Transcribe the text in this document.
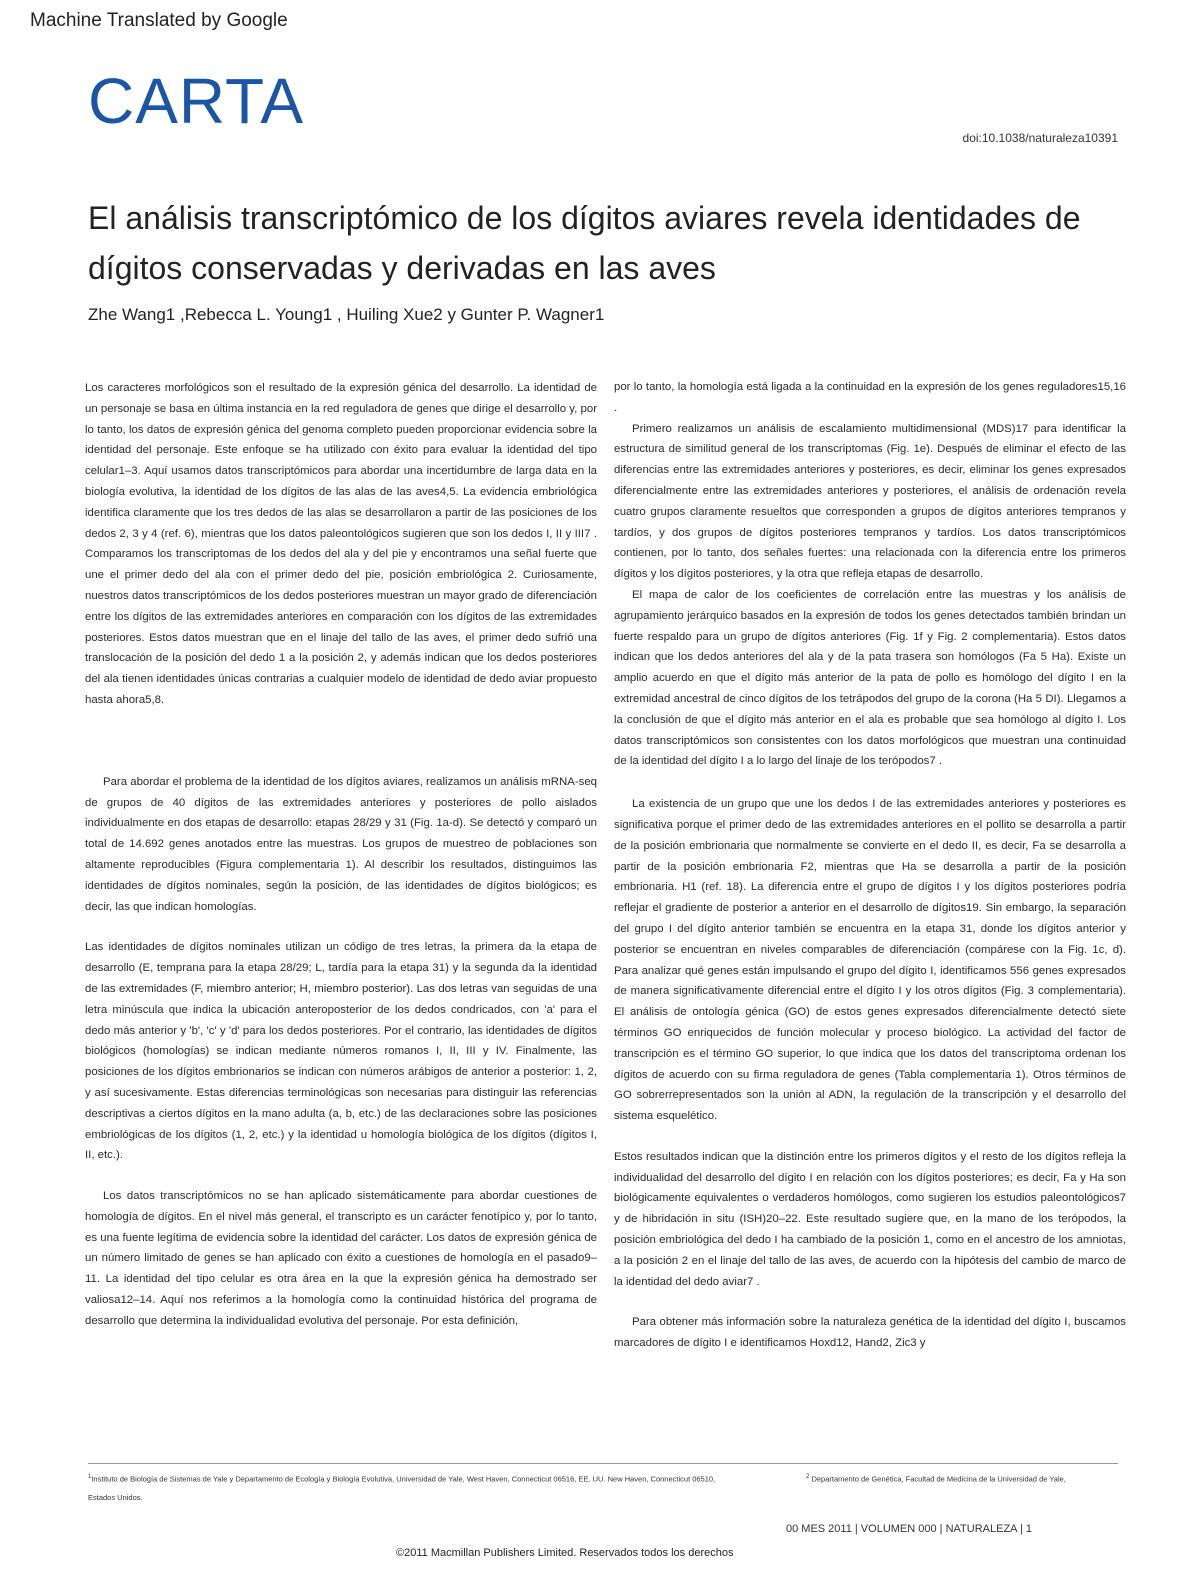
Machine Translated by Google
CARTA
doi:10.1038/naturaleza10391
El análisis transcriptómico de los dígitos aviares revela identidades de dígitos conservadas y derivadas en las aves
Zhe Wang1 ,Rebecca L. Young1 , Huiling Xue2 y Gunter P. Wagner1

Los caracteres morfológicos son el resultado de la expresión génica del desarrollo. La identidad de un personaje se basa en última instancia en la red reguladora de genes que dirige el desarrollo y, por lo tanto, los datos de expresión génica del genoma completo pueden proporcionar evidencia sobre la identidad del personaje. Este enfoque se ha utilizado con éxito para evaluar la identidad del tipo celular1–3. Aquí usamos datos transcriptómicos para abordar una incertidumbre de larga data en la biología evolutiva, la identidad de los dígitos de las alas de las aves4,5. La evidencia embriológica identifica claramente que los tres dedos de las alas se desarrollaron a partir de las posiciones de los dedos 2, 3 y 4 (ref. 6), mientras que los datos paleontológicos sugieren que son los dedos I, II y III7 . Comparamos los transcriptomas de los dedos del ala y del pie y encontramos una señal fuerte que une el primer dedo del ala con el primer dedo del pie, posición embriológica 2. Curiosamente, nuestros datos transcriptómicos de los dedos posteriores muestran un mayor grado de diferenciación entre los dígitos de las extremidades anteriores en comparación con los dígitos de las extremidades posteriores. Estos datos muestran que en el linaje del tallo de las aves, el primer dedo sufrió una translocación de la posición del dedo 1 a la posición 2, y además indican que los dedos posteriores del ala tienen identidades únicas contrarias a cualquier modelo de identidad de dedo aviar propuesto hasta ahora5,8.

Para abordar el problema de la identidad de los dígitos aviares, realizamos un análisis mRNA-seq de grupos de 40 dígitos de las extremidades anteriores y posteriores de pollo aislados individualmente en dos etapas de desarrollo: etapas 28/29 y 31 (Fig. 1a-d). Se detectó y comparó un total de 14.692 genes anotados entre las muestras. Los grupos de muestreo de poblaciones son altamente reproducibles (Figura complementaria 1). Al describir los resultados, distinguimos las identidades de dígitos nominales, según la posición, de las identidades de dígitos biológicos; es decir, las que indican homologías.

Las identidades de dígitos nominales utilizan un código de tres letras, la primera da la etapa de desarrollo (E, temprana para la etapa 28/29; L, tardía para la etapa 31) y la segunda da la identidad de las extremidades (F, miembro anterior; H, miembro posterior). Las dos letras van seguidas de una letra minúscula que indica la ubicación anteroposterior de los dedos condricados, con 'a' para el dedo más anterior y 'b', 'c' y 'd' para los dedos posteriores. Por el contrario, las identidades de dígitos biológicos (homologías) se indican mediante números romanos I, II, III y IV. Finalmente, las posiciones de los dígitos embrionarios se indican con números arábigos de anterior a posterior: 1, 2, y así sucesivamente. Estas diferencias terminológicas son necesarias para distinguir las referencias descriptivas a ciertos dígitos en la mano adulta (a, b, etc.) de las declaraciones sobre las posiciones embriológicas de los dígitos (1, 2, etc.) y la identidad u homología biológica de los dígitos (dígitos I, II, etc.).

Los datos transcriptómicos no se han aplicado sistemáticamente para abordar cuestiones de homología de dígitos. En el nivel más general, el transcripto es un carácter fenotípico y, por lo tanto, es una fuente legítima de evidencia sobre la identidad del carácter. Los datos de expresión génica de un número limitado de genes se han aplicado con éxito a cuestiones de homología en el pasado9–11. La identidad del tipo celular es otra área en la que la expresión génica ha demostrado ser valiosa12–14. Aquí nos referimos a la homología como la continuidad histórica del programa de desarrollo que determina la individualidad evolutiva del personaje. Por esta definición,

por lo tanto, la homología está ligada a la continuidad en la expresión de los genes reguladores15,16 .

Primero realizamos un análisis de escalamiento multidimensional (MDS)17 para identificar la estructura de similitud general de los transcriptomas (Fig. 1e). Después de eliminar el efecto de las diferencias entre las extremidades anteriores y posteriores, es decir, eliminar los genes expresados diferencialmente entre las extremidades anteriores y posteriores, el análisis de ordenación revela cuatro grupos claramente resueltos que corresponden a grupos de dígitos anteriores tempranos y tardíos, y dos grupos de dígitos posteriores tempranos y tardíos. Los datos transcriptómicos contienen, por lo tanto, dos señales fuertes: una relacionada con la diferencia entre los primeros dígitos y los dígitos posteriores, y la otra que refleja etapas de desarrollo.

El mapa de calor de los coeficientes de correlación entre las muestras y los análisis de agrupamiento jerárquico basados en la expresión de todos los genes detectados también brindan un fuerte respaldo para un grupo de dígitos anteriores (Fig. 1f y Fig. 2 complementaria). Estos datos indican que los dedos anteriores del ala y de la pata trasera son homólogos (Fa 5 Ha). Existe un amplio acuerdo en que el dígito más anterior de la pata de pollo es homólogo del dígito I en la extremidad ancestral de cinco dígitos de los tetrápodos del grupo de la corona (Ha 5 DI). Llegamos a la conclusión de que el dígito más anterior en el ala es probable que sea homólogo al dígito I. Los datos transcriptómicos son consistentes con los datos morfológicos que muestran una continuidad de la identidad del dígito I a lo largo del linaje de los terópodos7 .

La existencia de un grupo que une los dedos I de las extremidades anteriores y posteriores es significativa porque el primer dedo de las extremidades anteriores en el pollito se desarrolla a partir de la posición embrionaria que normalmente se convierte en el dedo II, es decir, Fa se desarrolla a partir de la posición embrionaria F2, mientras que Ha se desarrolla a partir de la posición embrionaria. H1 (ref. 18). La diferencia entre el grupo de dígitos I y los dígitos posteriores podría reflejar el gradiente de posterior a anterior en el desarrollo de dígitos19. Sin embargo, la separación del grupo I del dígito anterior también se encuentra en la etapa 31, donde los dígitos anterior y posterior se encuentran en niveles comparables de diferenciación (compárese con la Fig. 1c, d). Para analizar qué genes están impulsando el grupo del dígito I, identificamos 556 genes expresados de manera significativamente diferencial entre el dígito I y los otros dígitos (Fig. 3 complementaria). El análisis de ontología génica (GO) de estos genes expresados diferencialmente detectó siete términos GO enriquecidos de función molecular y proceso biológico. La actividad del factor de transcripción es el término GO superior, lo que indica que los datos del transcriptoma ordenan los dígitos de acuerdo con su firma reguladora de genes (Tabla complementaria 1). Otros términos de GO sobrerrepresentados son la unión al ADN, la regulación de la transcripción y el desarrollo del sistema esquelético.

Estos resultados indican que la distinción entre los primeros dígitos y el resto de los dígitos refleja la individualidad del desarrollo del dígito I en relación con los dígitos posteriores; es decir, Fa y Ha son biológicamente equivalentes o verdaderos homólogos, como sugieren los estudios paleontológicos7 y de hibridación in situ (ISH)20–22. Este resultado sugiere que, en la mano de los terópodos, la posición embriológica del dedo I ha cambiado de la posición 1, como en el ancestro de los amniotas, a la posición 2 en el linaje del tallo de las aves, de acuerdo con la hipótesis del cambio de marco de la identidad del dedo aviar7 .

Para obtener más información sobre la naturaleza genética de la identidad del dígito I, buscamos marcadores de dígito I e identificamos Hoxd12, Hand2, Zic3 y

$^1$Instituto de Biología de Sistemas de Yale y Departamento de Ecología y Biología Evolutiva, Universidad de Yale, West Haven, Connecticut 06516, EE. UU. New Haven, Connecticut 06510, Estados Unidos.
$^2$ Departamento de Genética, Facultad de Medicina de la Universidad de Yale,
00 MES 2011 | VOLUMEN 000 | NATURALEZA | 1
©2011 Macmillan Publishers Limited. Reservados todos los derechos
